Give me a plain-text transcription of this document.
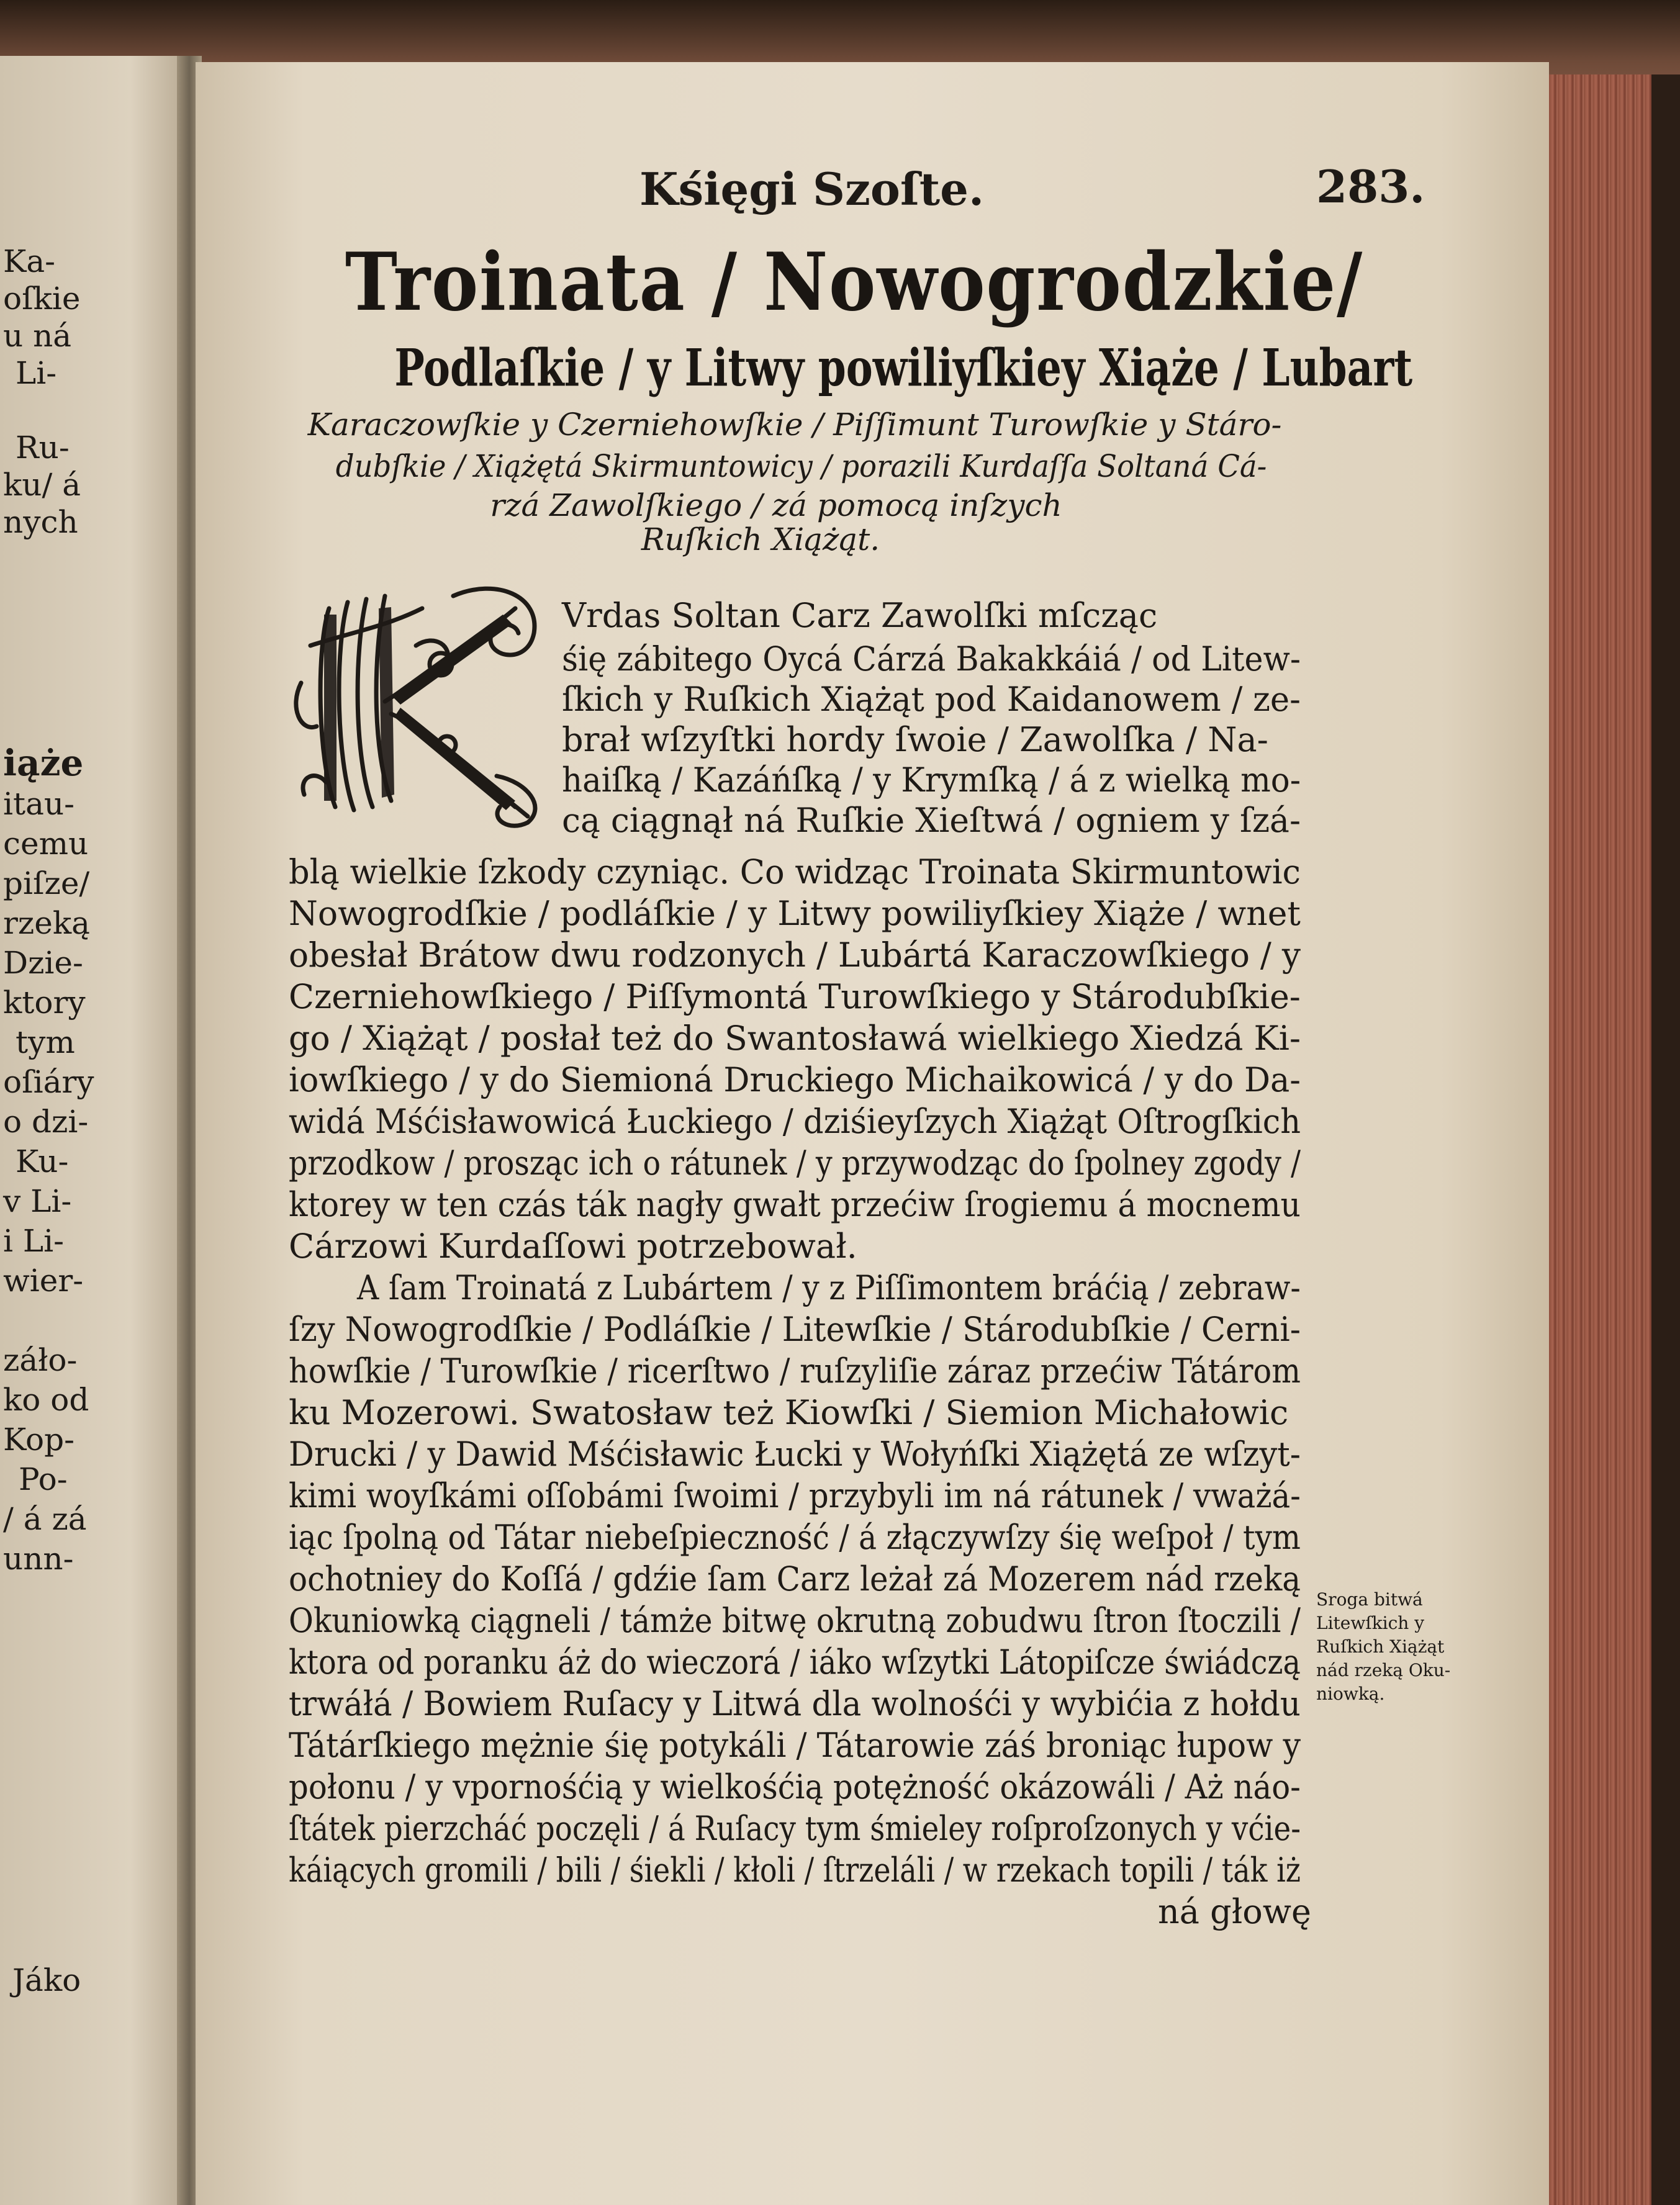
Ka-
oſkie
u ná
Li-
Ru-
ku/ á
nych
iąże
itau-
cemu
piſze/
rzeką
Dzie-
ktory
tym
oſiáry
o dzi-
Ku-
v Li-
i Li-
wier-
záło-
ko od
Kop-
Po-
/ á zá
unn-
Jáko
Kśięgi Szoſte.	283.
Troinata / Nowogrodzkie/
Podlaſkie / y Litwy powiliyſkiey Xiąże / Lubart
Karaczowſkie y Czerniehowſkie / Piſſimunt Turowſkie y Stáro-
dubſkie / Xiążętá Skirmuntowicy / porazili Kurdaſſa Soltaná Cá-
rzá Zawolſkiego / zá pomocą inſzych
Ruſkich Xiążąt.
Vrdas Soltan Carz Zawolſki mſcząc
śię zábitego Oycá Cárzá Bakakkáiá / od Litew-
ſkich y Ruſkich Xiążąt pod Kaidanowem / ze-
brał wſzyſtki hordy ſwoie / Zawolſka / Na-
haiſką / Kazáńſką / y Krymſką / á z wielką mo-
cą ciągnął ná Ruſkie Xieſtwá / ogniem y ſzá-
blą wielkie ſzkody czyniąc. Co widząc Troinata Skirmuntowic
Nowogrodſkie / podláſkie / y Litwy powiliyſkiey Xiąże / wnet
obesłał Brátow dwu rodzonych / Lubártá Karaczowſkiego / y
Czerniehowſkiego / Piſſymontá Turowſkiego y Stárodubſkie-
go / Xiążąt / posłał też do Swantosławá wielkiego Xiedzá Ki-
iowſkiego / y do Siemioná Druckiego Michaikowicá / y do Da-
widá Mśćisławowicá Łuckiego / dziśieyſzych Xiążąt Oſtrogſkich
przodkow / prosząc ich o rátunek / y przywodząc do ſpolney zgody /
ktorey w ten czás ták nagły gwałt przećiw ſrogiemu á mocnemu
Cárzowi Kurdaſſowi potrzebował.
A ſam Troinatá z Lubártem / y z Piſſimontem bráćią / zebraw-
ſzy Nowogrodſkie / Podláſkie / Litewſkie / Stárodubſkie / Cerni-
howſkie / Turowſkie / ricerſtwo / ruſzyliſie záraz przećiw Tátárom
ku Mozerowi. Swatosław też Kiowſki / Siemion Michałowic
Drucki / y Dawid Mśćisławic Łucki y Wołyńſki Xiążętá ze wſzyt-
kimi woyſkámi oſſobámi ſwoimi / przybyli im ná rátunek / vważá-
iąc ſpolną od Tátar niebeſpieczność / á złączywſzy śię weſpoł / tym
ochotniey do Koſſá / gdźie ſam Carz leżał zá Mozerem nád rzeką
Okuniowką ciągneli / támże bitwę okrutną zobudwu ſtron ſtoczili /
ktora od poranku áż do wieczorá / iáko wſzytki Látopiſcze świádczą
trwáłá / Bowiem Ruſacy y Litwá dla wolnośći y wybićia z hołdu
Tátárſkiego mężnie śię potykáli / Tátarowie záś broniąc łupow y
połonu / y vpornośćią y wielkośćią potężność okázowáli / Aż náo-
ſtátek pierzcháć poczęli / á Ruſacy tym śmieley roſproſzonych y vćie-
káiących gromili / bili / śiekli / kłoli / ſtrzeláli / w rzekach topili / ták iż
ná głowę
Sroga bitwá
Litewſkich y
Ruſkich Xiążąt
nád rzeką Oku-
niowką.
